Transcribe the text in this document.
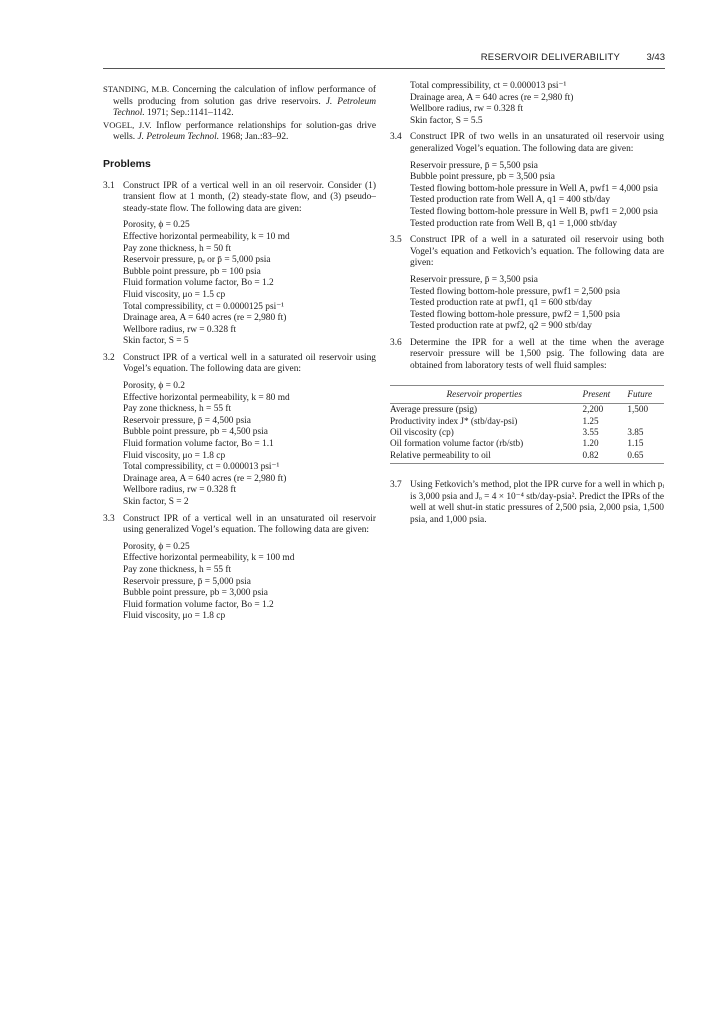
RESERVOIR DELIVERABILITY	3/43
STANDING, M.B. Concerning the calculation of inflow performance of wells producing from solution gas drive reservoirs. J. Petroleum Technol. 1971; Sep.:1141–1142.
VOGEL, J.V. Inflow performance relationships for solution-gas drive wells. J. Petroleum Technol. 1968; Jan.:83–92.
Problems
3.1 Construct IPR of a vertical well in an oil reservoir. Consider (1) transient flow at 1 month, (2) steady-state flow, and (3) pseudo–steady-state flow. The following data are given:
Porosity, ϕ = 0.25
Effective horizontal permeability, k = 10 md
Pay zone thickness, h = 50 ft
Reservoir pressure, pₑ or p̄ = 5,000 psia
Bubble point pressure, pb = 100 psia
Fluid formation volume factor, Bo = 1.2
Fluid viscosity, μo = 1.5 cp
Total compressibility, ct = 0.0000125 psi⁻¹
Drainage area, A = 640 acres (re = 2,980 ft)
Wellbore radius, rw = 0.328 ft
Skin factor, S = 5
3.2 Construct IPR of a vertical well in a saturated oil reservoir using Vogel’s equation. The following data are given:
Porosity, ϕ = 0.2
Effective horizontal permeability, k = 80 md
Pay zone thickness, h = 55 ft
Reservoir pressure, p̄ = 4,500 psia
Bubble point pressure, pb = 4,500 psia
Fluid formation volume factor, Bo = 1.1
Fluid viscosity, μo = 1.8 cp
Total compressibility, ct = 0.000013 psi⁻¹
Drainage area, A = 640 acres (re = 2,980 ft)
Wellbore radius, rw = 0.328 ft
Skin factor, S = 2
3.3 Construct IPR of a vertical well in an unsaturated oil reservoir using generalized Vogel’s equation. The following data are given:
Porosity, ϕ = 0.25
Effective horizontal permeability, k = 100 md
Pay zone thickness, h = 55 ft
Reservoir pressure, p̄ = 5,000 psia
Bubble point pressure, pb = 3,000 psia
Fluid formation volume factor, Bo = 1.2
Fluid viscosity, μo = 1.8 cp
Total compressibility, ct = 0.000013 psi⁻¹
Drainage area, A = 640 acres (re = 2,980 ft)
Wellbore radius, rw = 0.328 ft
Skin factor, S = 5.5
3.4 Construct IPR of two wells in an unsaturated oil reservoir using generalized Vogel’s equation. The following data are given:
Reservoir pressure, p̄ = 5,500 psia
Bubble point pressure, pb = 3,500 psia
Tested flowing bottom-hole pressure in Well A, pwf1 = 4,000 psia
Tested production rate from Well A, q1 = 400 stb/day
Tested flowing bottom-hole pressure in Well B, pwf1 = 2,000 psia
Tested production rate from Well B, q1 = 1,000 stb/day
3.5 Construct IPR of a well in a saturated oil reservoir using both Vogel’s equation and Fetkovich’s equation. The following data are given:
Reservoir pressure, p̄ = 3,500 psia
Tested flowing bottom-hole pressure, pwf1 = 2,500 psia
Tested production rate at pwf1, q1 = 600 stb/day
Tested flowing bottom-hole pressure, pwf2 = 1,500 psia
Tested production rate at pwf2, q2 = 900 stb/day
3.6 Determine the IPR for a well at the time when the average reservoir pressure will be 1,500 psig. The following data are obtained from laboratory tests of well fluid samples:
Reservoir properties	Present	Future
Average pressure (psig)	2,200	1,500
Productivity index J* (stb/day-psi)	1.25	
Oil viscosity (cp)	3.55	3.85
Oil formation volume factor (rb/stb)	1.20	1.15
Relative permeability to oil	0.82	0.65
3.7 Using Fetkovich’s method, plot the IPR curve for a well in which pᵢ is 3,000 psia and Jₒ = 4 × 10⁻⁴ stb/day-psia². Predict the IPRs of the well at well shut-in static pressures of 2,500 psia, 2,000 psia, 1,500 psia, and 1,000 psia.
